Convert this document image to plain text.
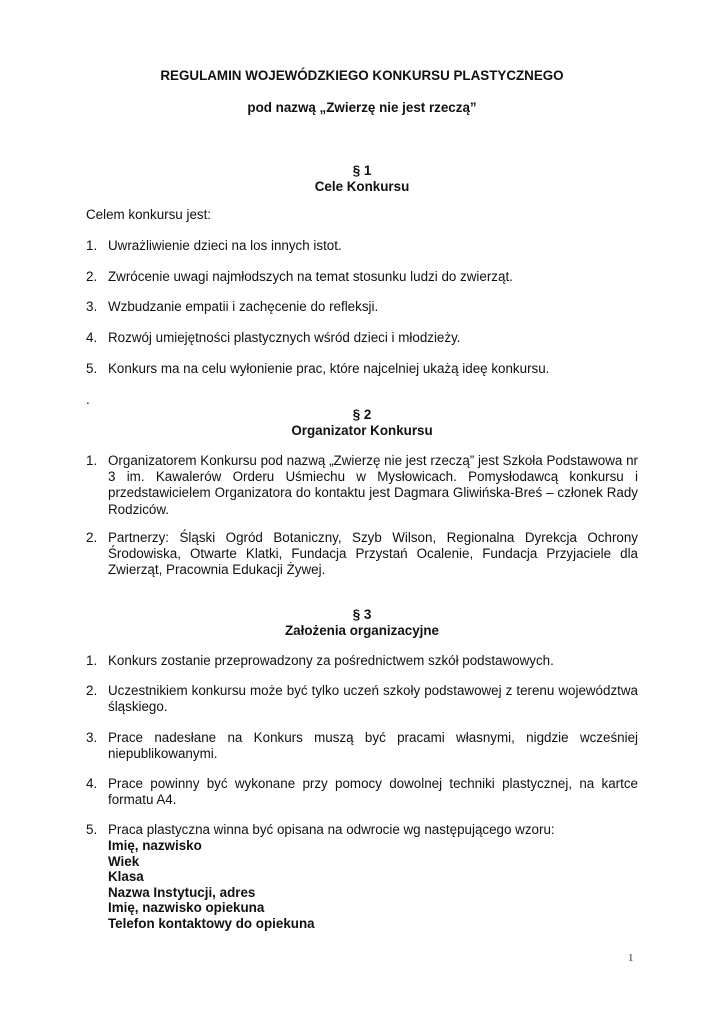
REGULAMIN WOJEWÓDZKIEGO KONKURSU PLASTYCZNEGO

pod nazwą „Zwierzę nie jest rzeczą”

§ 1

Cele Konkursu

Celem konkursu jest:

1. Uwrażliwienie dzieci na los innych istot.
2. Zwrócenie uwagi najmłodszych na temat stosunku ludzi do zwierząt.
3. Wzbudzanie empatii i zachęcenie do refleksji.
4. Rozwój umiejętności plastycznych wśród dzieci i młodzieży.
5. Konkurs ma na celu wyłonienie prac, które najcelniej ukażą ideę konkursu.

.

§ 2

Organizator Konkursu

1. Organizatorem Konkursu pod nazwą „Zwierzę nie jest rzeczą” jest Szkoła Podstawowa nr 3 im. Kawalerów Orderu Uśmiechu w Mysłowicach. Pomysłodawcą konkursu i przedstawicielem Organizatora do kontaktu jest Dagmara Gliwińska-Breś – członek Rady Rodziców.
2. Partnerzy: Śląski Ogród Botaniczny, Szyb Wilson, Regionalna Dyrekcja Ochrony Środowiska, Otwarte Klatki, Fundacja Przystań Ocalenie, Fundacja Przyjaciele dla Zwierząt, Pracownia Edukacji Żywej.

§ 3

Założenia organizacyjne

1. Konkurs zostanie przeprowadzony za pośrednictwem szkół podstawowych.
2. Uczestnikiem konkursu może być tylko uczeń szkoły podstawowej z terenu województwa śląskiego.
3. Prace nadesłane na Konkurs muszą być pracami własnymi, nigdzie wcześniej niepublikowanymi.
4. Prace powinny być wykonane przy pomocy dowolnej techniki plastycznej, na kartce formatu A4.
5. Praca plastyczna winna być opisana na odwrocie wg następującego wzoru:
Imię, nazwisko
Wiek
Klasa
Nazwa Instytucji, adres
Imię, nazwisko opiekuna
Telefon kontaktowy do opiekuna
1
